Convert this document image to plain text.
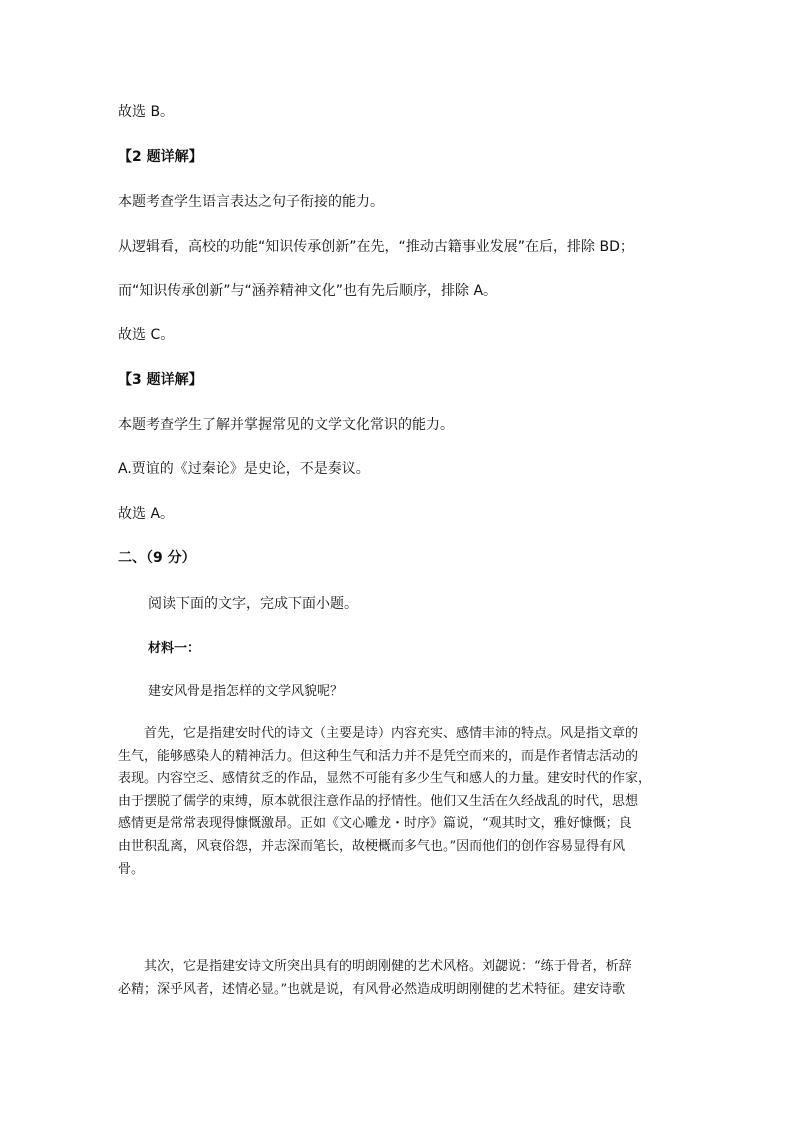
故选 B。
【2 题详解】
本题考查学生语言表达之句子衔接的能力。
从逻辑看，高校的功能“知识传承创新”在先，“推动古籍事业发展”在后，排除 BD；
而“知识传承创新”与“涵养精神文化”也有先后顺序，排除 A。
故选 C。
【3 题详解】
本题考查学生了解并掌握常见的文学文化常识的能力。
A.贾谊的《过秦论》是史论，不是奏议。
故选 A。
二、（9 分）
阅读下面的文字，完成下面小题。
材料一：
建安风骨是指怎样的文学风貌呢？
　　首先，它是指建安时代的诗文（主要是诗）内容充实、感情丰沛的特点。风是指文章的
生气，能够感染人的精神活力。但这种生气和活力并不是凭空而来的，而是作者情志活动的
表现。内容空乏、感情贫乏的作品，显然不可能有多少生气和感人的力量。建安时代的作家，
由于摆脱了儒学的束缚，原本就很注意作品的抒情性。他们又生活在久经战乱的时代，思想
感情更是常常表现得慷慨激昂。正如《文心雕龙・时序》篇说，“观其时文，雅好慷慨；良
由世积乱离，风衰俗怨，并志深而笔长，故梗概而多气也。”因而他们的创作容易显得有风
骨。
　　其次，它是指建安诗文所突出具有的明朗刚健的艺术风格。刘勰说：“练于骨者，析辞
必精；深乎风者，述情必显。”也就是说，有风骨必然造成明朗刚健的艺术特征。建安诗歌
